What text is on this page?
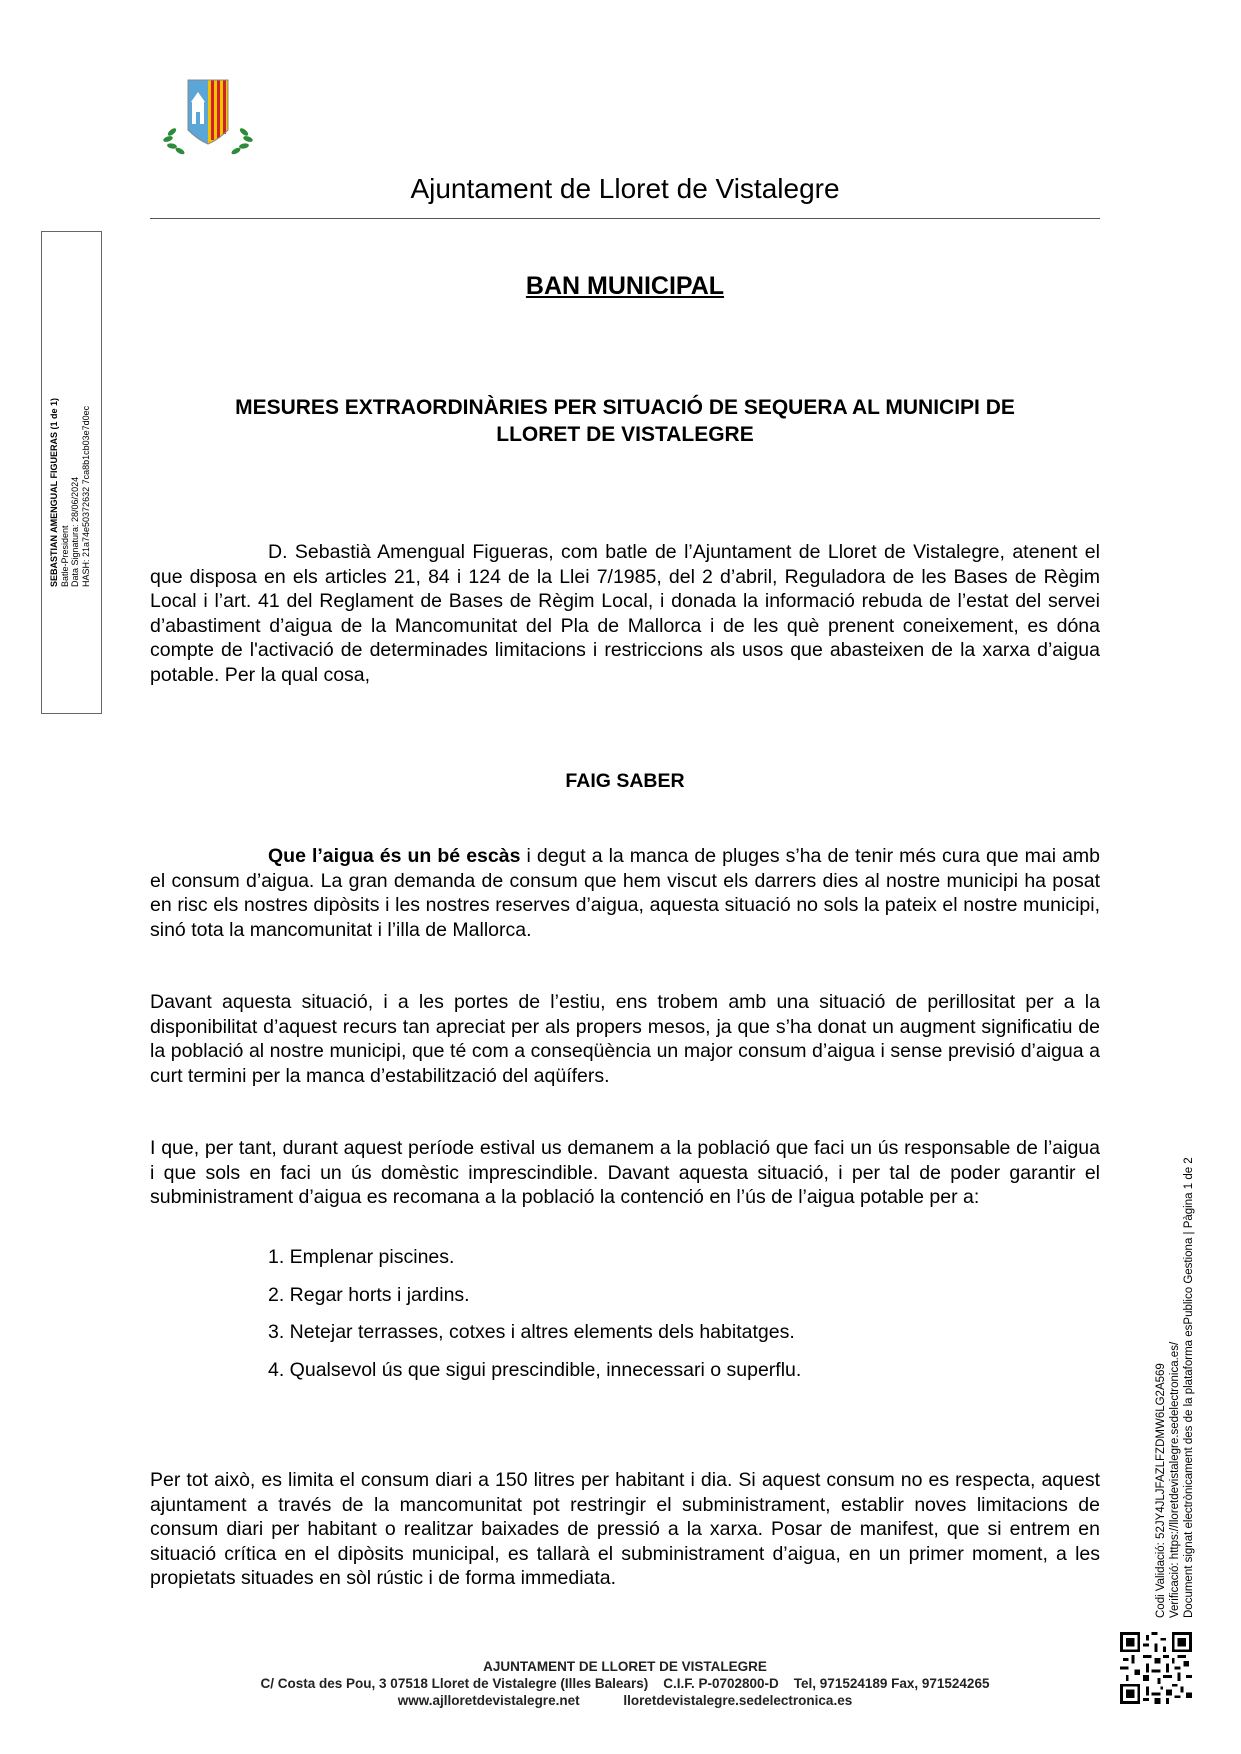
Ajuntament de Lloret de Vistalegre
BAN MUNICIPAL
MESURES EXTRAORDINÀRIES PER SITUACIÓ DE SEQUERA AL MUNICIPI DE
LLORET DE VISTALEGRE

D. Sebastià Amengual Figueras, com batle de l’Ajuntament de Lloret de Vistalegre, atenent el que disposa en els articles 21, 84 i 124 de la Llei 7/1985, del 2 d’abril, Reguladora de les Bases de Règim Local i l’art. 41 del Reglament de Bases de Règim Local, i donada la informació rebuda de l’estat del servei d’abastiment d’aigua de la Mancomunitat del Pla de Mallorca i de les què prenent coneixement, es dóna compte de l'activació de determinades limitacions i restriccions als usos que abasteixen de la xarxa d’aigua potable. Per la qual cosa,

FAIG SABER

Que l’aigua és un bé escàs i degut a la manca de pluges s’ha de tenir més cura que mai amb el consum d’aigua. La gran demanda de consum que hem viscut els darrers dies al nostre municipi ha posat en risc els nostres dipòsits i les nostres reserves d’aigua, aquesta situació no sols la pateix el nostre municipi, sinó tota la mancomunitat i l’illa de Mallorca.

Davant aquesta situació, i a les portes de l’estiu, ens trobem amb una situació de perillositat per a la disponibilitat d’aquest recurs tan apreciat per als propers mesos, ja que s’ha donat un augment significatiu de la població al nostre municipi, que té com a conseqüència un major consum d’aigua i sense previsió d’aigua a curt termini per la manca d’estabilització del aqüífers.

I que, per tant, durant aquest període estival us demanem a la població que faci un ús responsable de l’aigua i que sols en faci un ús domèstic imprescindible. Davant aquesta situació, i per tal de poder garantir el subministrament d’aigua es recomana a la població la contenció en l’ús de l’aigua potable per a:

1. Emplenar piscines.
2. Regar horts i jardins.
3. Netejar terrasses, cotxes i altres elements dels habitatges.
4. Qualsevol ús que sigui prescindible, innecessari o superflu.

Per tot això, es limita el consum diari a 150 litres per habitant i dia. Si aquest consum no es respecta, aquest ajuntament a través de la mancomunitat pot restringir el subministrament, establir noves limitacions de consum diari per habitant o realitzar baixades de pressió a la xarxa. Posar de manifest, que si entrem en situació crítica en el dipòsits municipal, es tallarà el subministrament d’aigua, en un primer moment, a les propietats situades en sòl rústic i de forma immediata.

SEBASTIAN AMENGUAL FIGUERAS (1 de 1) Batle-President Data Signatura: 28/06/2024 HASH: 21a74e50372632 7ca8b1cb03e7d0ec
Codi Validació: 52JY4JLJFAZLFZDMW6LG2A569 Verificació: https://lloretdevistalegre.sedelectronica.es/ Document signat electrònicament des de la plataforma esPublico Gestiona | Pàgina 1 de 2
AJUNTAMENT DE LLORET DE VISTALEGRE
C/ Costa des Pou, 3 07518 Lloret de Vistalegre (Illes Balears) C.I.F. P-0702800-D Tel, 971524189 Fax, 971524265
www.ajlloretdevistalegre.net	lloretdevistalegre.sedelectronica.es
